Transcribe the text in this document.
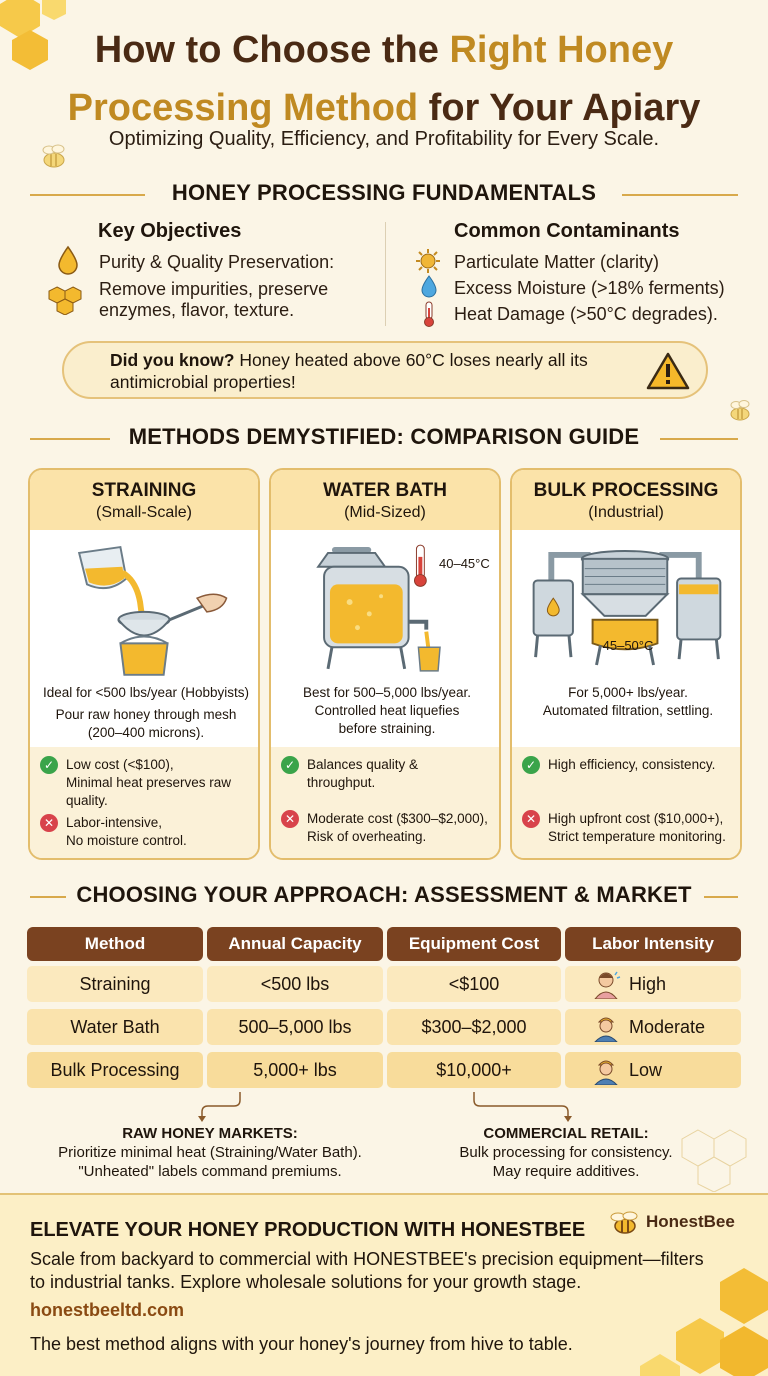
How to Choose the Right Honey
Processing Method for Your Apiary
Optimizing Quality, Efficiency, and Profitability for Every Scale.
HONEY PROCESSING FUNDAMENTALS
Key Objectives
Purity & Quality Preservation:
Remove impurities, preserve
enzymes, flavor, texture.
Common Contaminants
Particulate Matter (clarity)
Excess Moisture (>18% ferments)
Heat Damage (>50°C degrades).
Did you know? Honey heated above 60°C loses nearly all its
antimicrobial properties!
METHODS DEMYSTIFIED: COMPARISON GUIDE
STRAINING
(Small-Scale)
Ideal for <500 lbs/year (Hobbyists)
Pour raw honey through mesh
(200–400 microns).
✓ Low cost (<$100),
Minimal heat preserves raw
quality.
✕ Labor-intensive,
No moisture control.
WATER BATH
(Mid-Sized)
40–45°C
Best for 500–5,000 lbs/year.
Controlled heat liquefies
before straining.
✓ Balances quality &
throughput.
✕ Moderate cost ($300–$2,000),
Risk of overheating.
BULK PROCESSING
(Industrial)
45–50°C
For 5,000+ lbs/year.
Automated filtration, settling.
✓ High efficiency, consistency.
✕ High upfront cost ($10,000+),
Strict temperature monitoring.
CHOOSING YOUR APPROACH: ASSESSMENT & MARKET
Method	Annual Capacity	Equipment Cost	Labor Intensity
Straining	<500 lbs	<$100	High
Water Bath	500–5,000 lbs	$300–$2,000	Moderate
Bulk Processing	5,000+ lbs	$10,000+	Low
RAW HONEY MARKETS:
Prioritize minimal heat (Straining/Water Bath).
"Unheated" labels command premiums.
COMMERCIAL RETAIL:
Bulk processing for consistency.
May require additives.
HonestBee
ELEVATE YOUR HONEY PRODUCTION WITH HONESTBEE
Scale from backyard to commercial with HONESTBEE's precision equipment—filters
to industrial tanks. Explore wholesale solutions for your growth stage.
honestbeeltd.com
The best method aligns with your honey's journey from hive to table.
